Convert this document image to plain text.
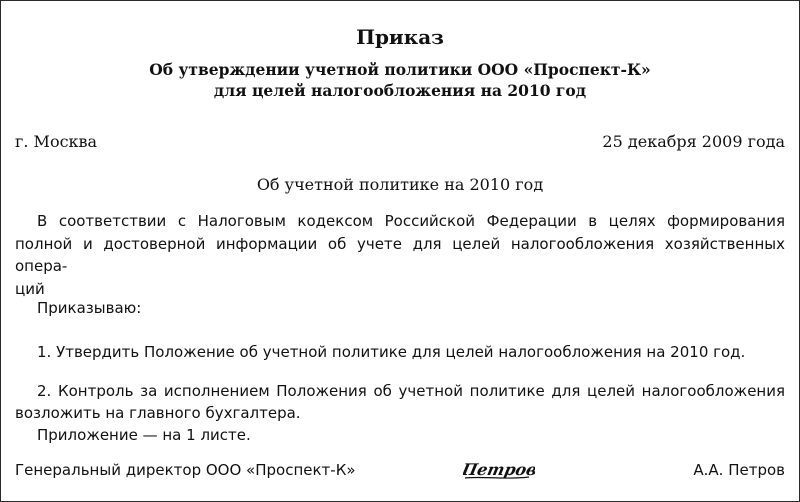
Приказ
Об утверждении учетной политики ООО «Проспект-К»
для целей налогообложения на 2010 год
г. Москва	25 декабря 2009 года
Об учетной политике на 2010 год
В соответствии с Налоговым кодексом Российской Федерации в целях формирования
полной и достоверной информации об учете для целей налогообложения хозяйственных опера-
ций
Приказываю:
1. Утвердить Положение об учетной политике для целей налогообложения на 2010 год.
2. Контроль за исполнением Положения об учетной политике для целей налогообложения
возложить на главного бухгалтера.
Приложение — на 1 листе.
Генеральный директор ООО «Проспект-К»	Петров	А.А. Петров
